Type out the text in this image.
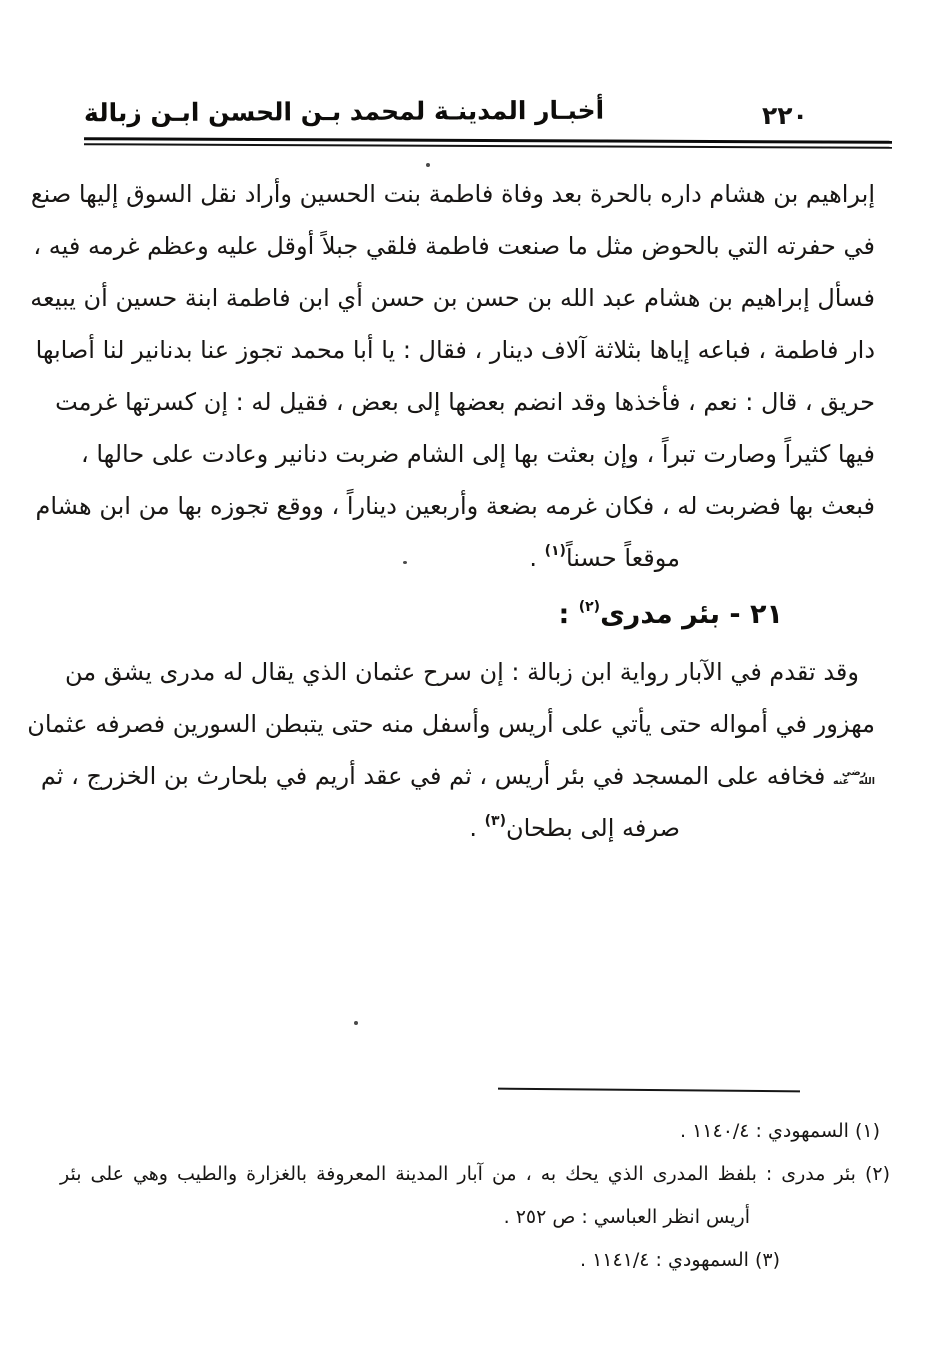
٢٢٠
أخبـار المدينـة لمحمد بـن الحسن ابـن زبالة
إبراهيم بن هشام داره بالحرة بعد وفاة فاطمة بنت الحسين وأراد نقل السوق إليها صنع
في حفرته التي بالحوض مثل ما صنعت فاطمة فلقي جبلاً أوقل عليه وعظم غرمه فيه ،
فسأل إبراهيم بن هشام عبد الله بن حسن بن حسن أي ابن فاطمة ابنة حسين أن يبيعه
دار فاطمة ، فباعه إياها بثلاثة آلاف دينار ، فقال : يا أبا محمد تجوز عنا بدنانير لنا أصابها
حريق ، قال : نعم ، فأخذها وقد انضم بعضها إلى بعض ، فقيل له : إن كسرتها غرمت
فيها كثيراً وصارت تبراً ، وإن بعثت بها إلى الشام ضربت دنانير وعادت على حالها ،
فبعث بها فضربت له ، فكان غرمه بضعة وأربعين ديناراً ، ووقع تجوزه بها من ابن هشام
موقعاً حسناً$^{(١)}$ .
٢١ - بئر مدرى$^{(٢)}$ :
وقد تقدم في الآبار رواية ابن زبالة : إن سرح عثمان الذي يقال له مدرى يشق من
مهزور في أمواله حتى يأتي على أريس وأسفل منه حتى يتبطن السورين فصرفه عثمان
رضي الله عنه فخافه على المسجد في بئر أريس ، ثم في عقد أريم في بلحارث بن الخزرج ، ثم
صرفه إلى بطحان$^{(٣)}$ .
(١) السمهودي : ١١٤٠/٤ .
(٢) بئر مدرى : بلفظ المدرى الذي يحك به ، من آبار المدينة المعروفة بالغزارة والطيب وهي على بئر
أريس انظر العباسي : ص ٢٥٢ .
(٣) السمهودي : ١١٤١/٤ .
